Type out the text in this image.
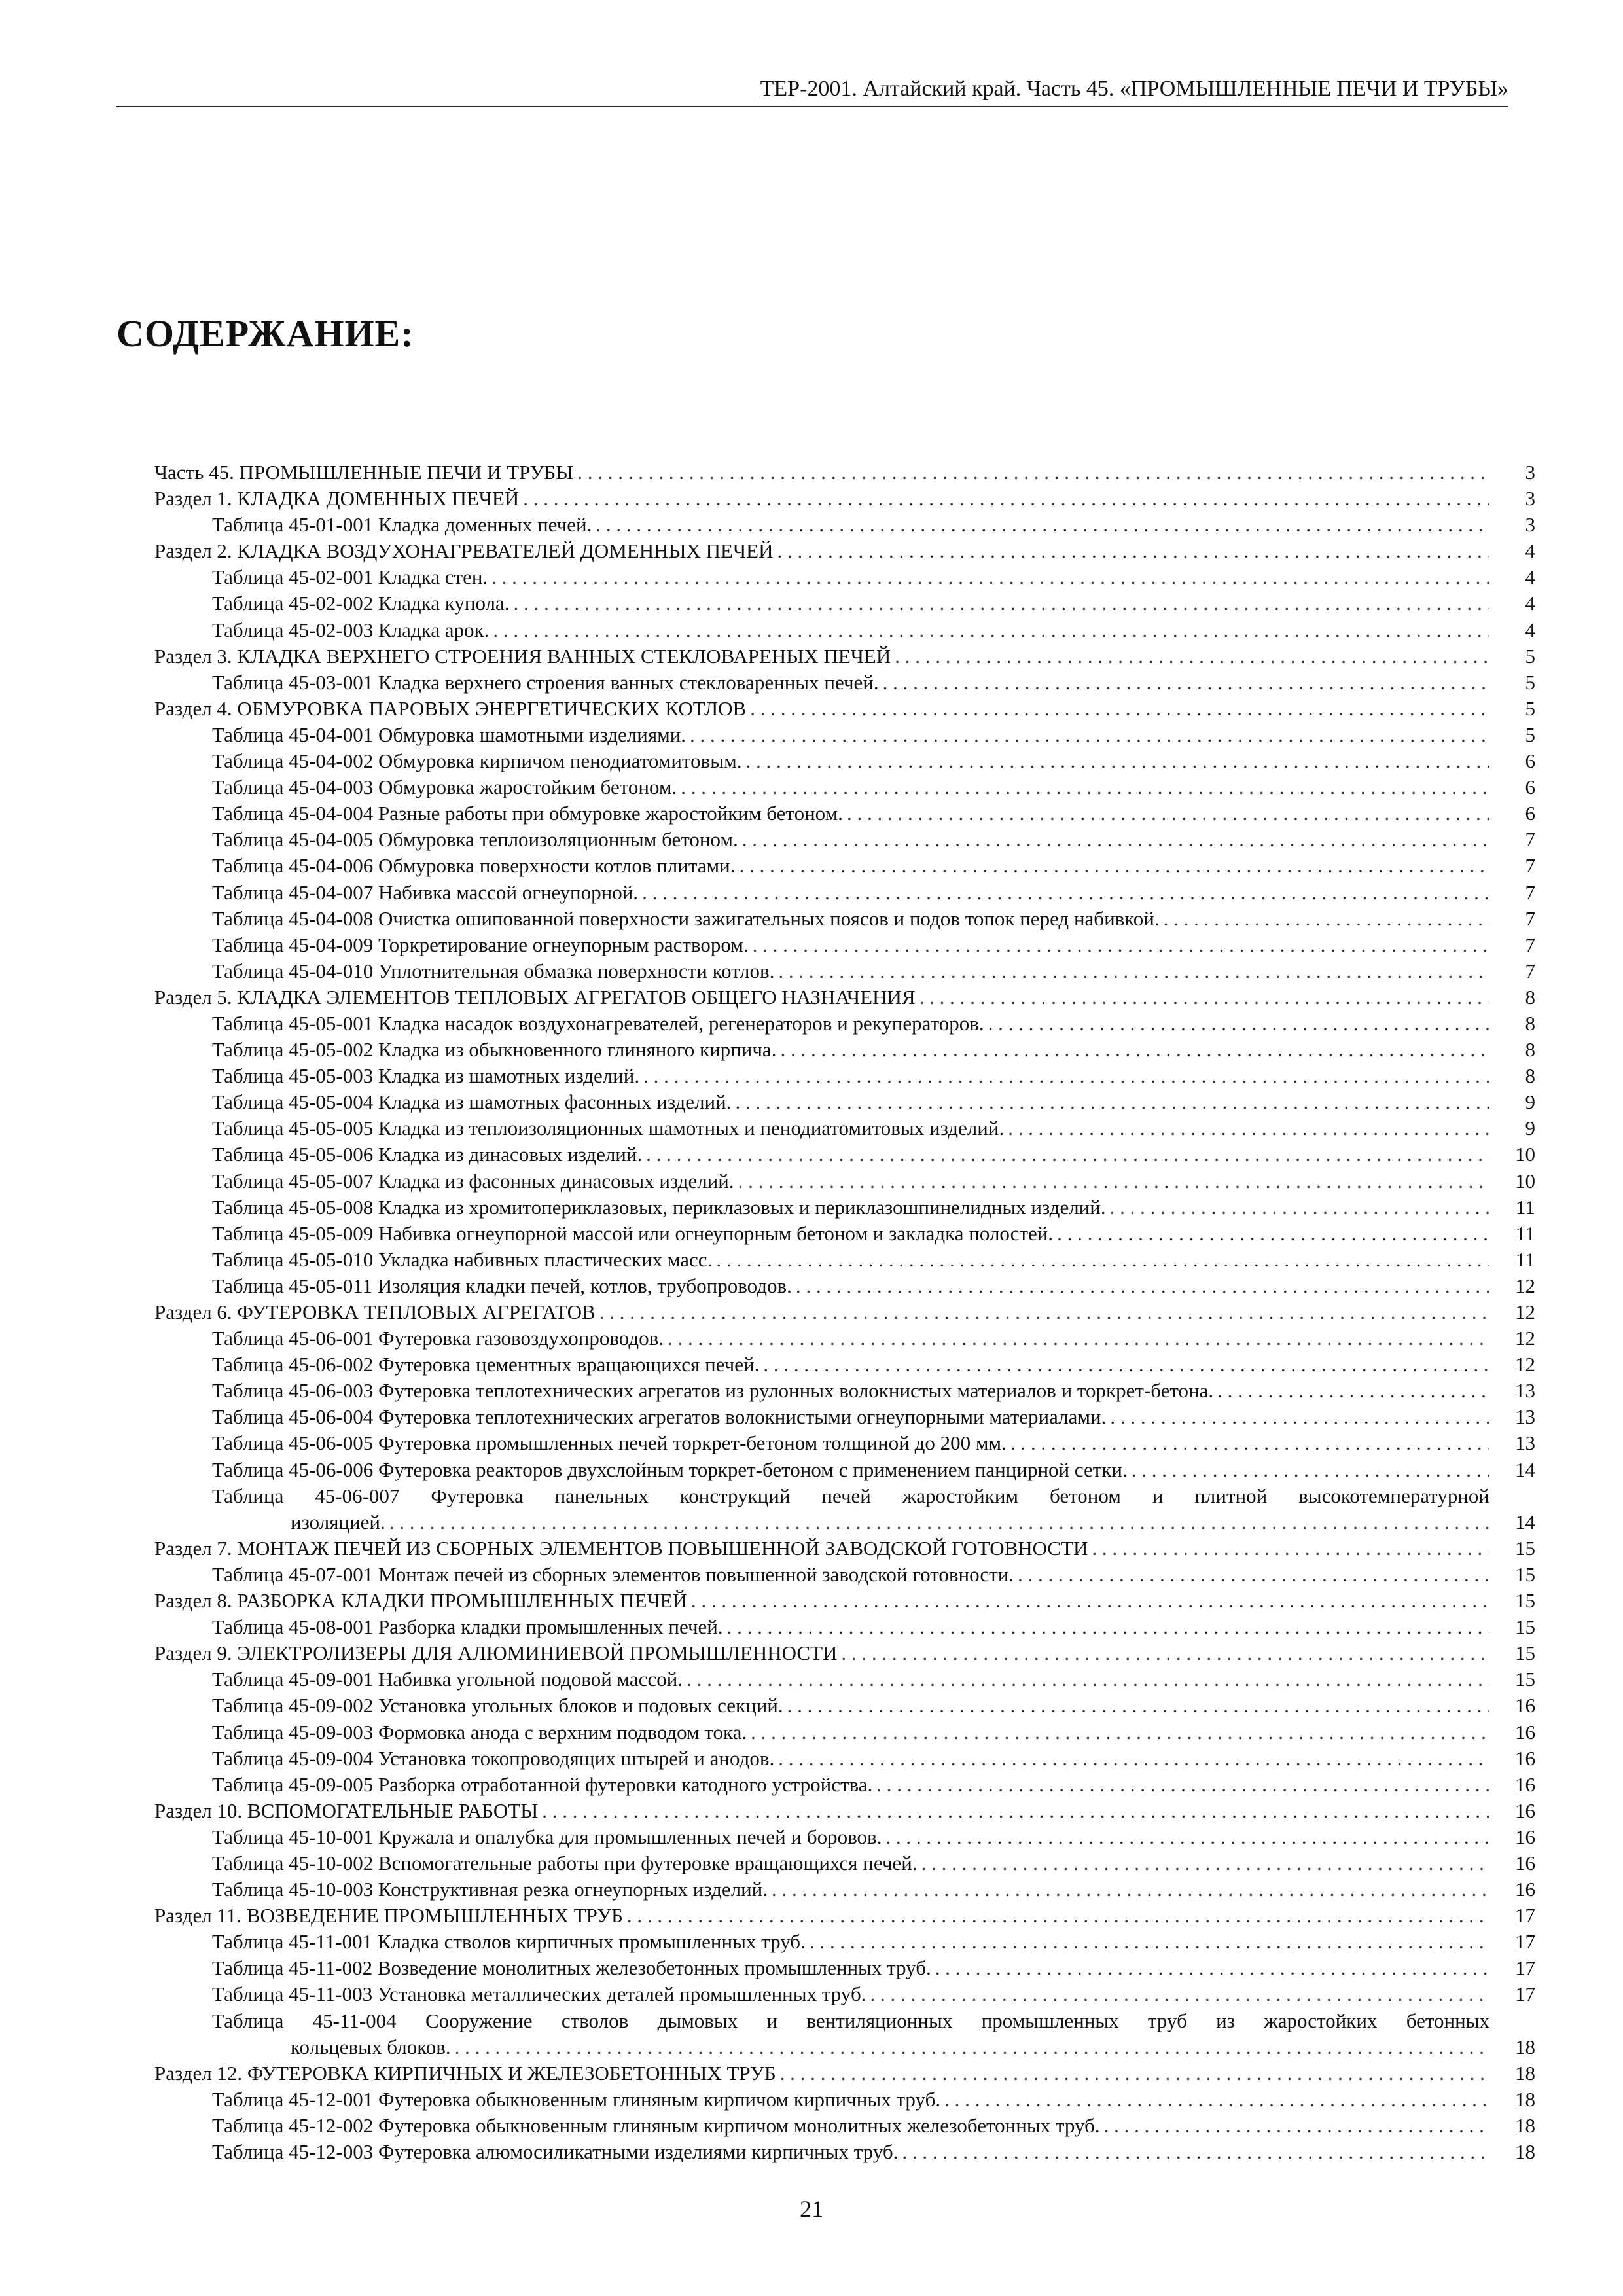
ТЕР-2001. Алтайский край. Часть 45. «ПРОМЫШЛЕННЫЕ ПЕЧИ И ТРУБЫ»
СОДЕРЖАНИЕ:
Часть 45. ПРОМЫШЛЕННЫЕ ПЕЧИ И ТРУБЫ . . .	3
Раздел 1. КЛАДКА ДОМЕННЫХ ПЕЧЕЙ . . .	3
Таблица 45-01-001 Кладка доменных печей. . . .	3
Раздел 2. КЛАДКА ВОЗДУХОНАГРЕВАТЕЛЕЙ ДОМЕННЫХ ПЕЧЕЙ . . .	4
Таблица 45-02-001 Кладка стен. . . .	4
Таблица 45-02-002 Кладка купола. . . .	4
Таблица 45-02-003 Кладка арок. . . .	4
Раздел 3. КЛАДКА ВЕРХНЕГО СТРОЕНИЯ ВАННЫХ СТЕКЛОВАРЕНЫХ ПЕЧЕЙ . . .	5
Таблица 45-03-001 Кладка верхнего строения ванных стекловаренных печей. . . .	5
Раздел 4. ОБМУРОВКА ПАРОВЫХ ЭНЕРГЕТИЧЕСКИХ КОТЛОВ . . .	5
Таблица 45-04-001 Обмуровка шамотными изделиями. . . .	5
Таблица 45-04-002 Обмуровка кирпичом пенодиатомитовым. . . .	6
Таблица 45-04-003 Обмуровка жаростойким бетоном. . . .	6
Таблица 45-04-004 Разные работы при обмуровке жаростойким бетоном. . . .	6
Таблица 45-04-005 Обмуровка теплоизоляционным бетоном. . . .	7
Таблица 45-04-006 Обмуровка поверхности котлов плитами. . . .	7
Таблица 45-04-007 Набивка массой огнеупорной. . . .	7
Таблица 45-04-008 Очистка ошипованной поверхности зажигательных поясов и подов топок перед набивкой. . . .	7
Таблица 45-04-009 Торкретирование огнеупорным раствором. . . .	7
Таблица 45-04-010 Уплотнительная обмазка поверхности котлов. . . .	7
Раздел 5. КЛАДКА ЭЛЕМЕНТОВ ТЕПЛОВЫХ АГРЕГАТОВ ОБЩЕГО НАЗНАЧЕНИЯ . . .	8
Таблица 45-05-001 Кладка насадок воздухонагревателей, регенераторов и рекуператоров. . . .	8
Таблица 45-05-002 Кладка из обыкновенного глиняного кирпича. . . .	8
Таблица 45-05-003 Кладка из шамотных изделий. . . .	8
Таблица 45-05-004 Кладка из шамотных фасонных изделий. . . .	9
Таблица 45-05-005 Кладка из теплоизоляционных шамотных и пенодиатомитовых изделий. . . .	9
Таблица 45-05-006 Кладка из динасовых изделий. . . .	10
Таблица 45-05-007 Кладка из фасонных динасовых изделий. . . .	10
Таблица 45-05-008 Кладка из хромитопериклазовых, периклазовых и периклазошпинелидных изделий. . . .	11
Таблица 45-05-009 Набивка огнеупорной массой или огнеупорным бетоном и закладка полостей. . . .	11
Таблица 45-05-010 Укладка набивных пластических масс. . . .	11
Таблица 45-05-011 Изоляция кладки печей, котлов, трубопроводов. . . .	12
Раздел 6. ФУТЕРОВКА ТЕПЛОВЫХ АГРЕГАТОВ . . .	12
Таблица 45-06-001 Футеровка газовоздухопроводов. . . .	12
Таблица 45-06-002 Футеровка цементных вращающихся печей. . . .	12
Таблица 45-06-003 Футеровка теплотехнических агрегатов из рулонных волокнистых материалов и торкрет-бетона. . . .	13
Таблица 45-06-004 Футеровка теплотехнических агрегатов волокнистыми огнеупорными материалами. . . .	13
Таблица 45-06-005 Футеровка промышленных печей торкрет-бетоном толщиной до 200 мм. . . .	13
Таблица 45-06-006 Футеровка реакторов двухслойным торкрет-бетоном с применением панцирной сетки. . . .	14
Таблица 45-06-007 Футеровка панельных конструкций печей жаростойким бетоном и плитной высокотемпературной
изоляцией. . . .	14
Раздел 7. МОНТАЖ ПЕЧЕЙ ИЗ СБОРНЫХ ЭЛЕМЕНТОВ ПОВЫШЕННОЙ ЗАВОДСКОЙ ГОТОВНОСТИ . . .	15
Таблица 45-07-001 Монтаж печей из сборных элементов повышенной заводской готовности. . . .	15
Раздел 8. РАЗБОРКА КЛАДКИ ПРОМЫШЛЕННЫХ ПЕЧЕЙ . . .	15
Таблица 45-08-001 Разборка кладки промышленных печей. . . .	15
Раздел 9. ЭЛЕКТРОЛИЗЕРЫ ДЛЯ АЛЮМИНИЕВОЙ ПРОМЫШЛЕННОСТИ . . .	15
Таблица 45-09-001 Набивка угольной подовой массой. . . .	15
Таблица 45-09-002 Установка угольных блоков и подовых секций. . . .	16
Таблица 45-09-003 Формовка анода с верхним подводом тока. . . .	16
Таблица 45-09-004 Установка токопроводящих штырей и анодов. . . .	16
Таблица 45-09-005 Разборка отработанной футеровки катодного устройства. . . .	16
Раздел 10. ВСПОМОГАТЕЛЬНЫЕ РАБОТЫ . . .	16
Таблица 45-10-001 Кружала и опалубка для промышленных печей и боровов. . . .	16
Таблица 45-10-002 Вспомогательные работы при футеровке вращающихся печей. . . .	16
Таблица 45-10-003 Конструктивная резка огнеупорных изделий. . . .	16
Раздел 11. ВОЗВЕДЕНИЕ ПРОМЫШЛЕННЫХ ТРУБ . . .	17
Таблица 45-11-001 Кладка стволов кирпичных промышленных труб. . . .	17
Таблица 45-11-002 Возведение монолитных железобетонных промышленных труб. . . .	17
Таблица 45-11-003 Установка металлических деталей промышленных труб. . . .	17
Таблица 45-11-004 Сооружение стволов дымовых и вентиляционных промышленных труб из жаростойких бетонных
кольцевых блоков. . . .	18
Раздел 12. ФУТЕРОВКА КИРПИЧНЫХ И ЖЕЛЕЗОБЕТОННЫХ ТРУБ . . .	18
Таблица 45-12-001 Футеровка обыкновенным глиняным кирпичом кирпичных труб. . . .	18
Таблица 45-12-002 Футеровка обыкновенным глиняным кирпичом монолитных железобетонных труб. . . .	18
Таблица 45-12-003 Футеровка алюмосиликатными изделиями кирпичных труб. . . .	18
21
